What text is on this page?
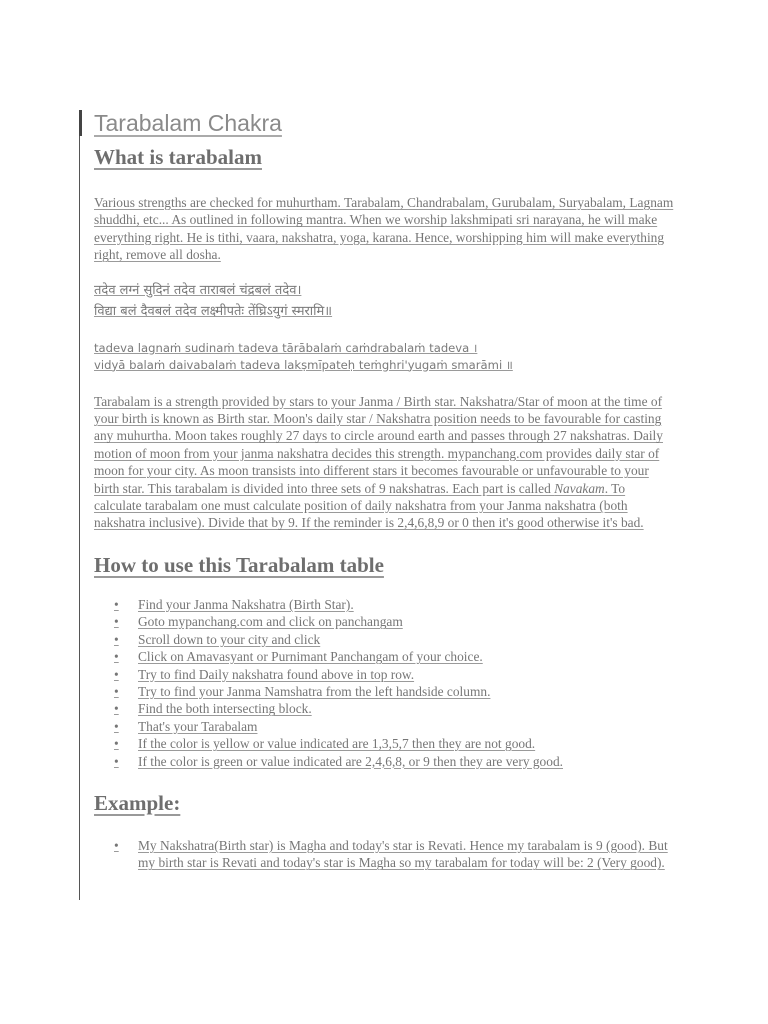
Tarabalam Chakra
What is tarabalam

Various strengths are checked for muhurtham. Tarabalam, Chandrabalam, Gurubalam, Suryabalam, Lagnam shuddhi, etc... As outlined in following mantra. When we worship lakshmipati sri narayana, he will make everything right. He is tithi, vaara, nakshatra, yoga, karana. Hence, worshipping him will make everything right, remove all dosha.

तदेव लग्नं सुदिनं तदेव ताराबलं चंद्रबलं तदेव।
विद्या बलं दैवबलं तदेव लक्ष्मीपतेः तेंघ्रिऽयुगं स्मरामि॥
tadeva lagnaṁ sudinaṁ tadeva tārābalaṁ caṁdrabalaṁ tadeva ।
vidyā balaṁ daivabalaṁ tadeva lakṣmīpateḥ teṁghri'yugaṁ smarāmi ॥

Tarabalam is a strength provided by stars to your Janma / Birth star. Nakshatra/Star of moon at the time of your birth is known as Birth star. Moon's daily star / Nakshatra position needs to be favourable for casting any muhurtha. Moon takes roughly 27 days to circle around earth and passes through 27 nakshatras. Daily motion of moon from your janma nakshatra decides this strength. mypanchang.com provides daily star of moon for your city. As moon transists into different stars it becomes favourable or unfavourable to your birth star. This tarabalam is divided into three sets of 9 nakshatras. Each part is called Navakam. To calculate tarabalam one must calculate position of daily nakshatra from your Janma nakshatra (both nakshatra inclusive). Divide that by 9. If the reminder is 2,4,6,8,9 or 0 then it's good otherwise it's bad.

How to use this Tarabalam table
• Find your Janma Nakshatra (Birth Star).
• Goto mypanchang.com and click on panchangam
• Scroll down to your city and click
• Click on Amavasyant or Purnimant Panchangam of your choice.
• Try to find Daily nakshatra found above in top row.
• Try to find your Janma Namshatra from the left handside column.
• Find the both intersecting block.
• That's your Tarabalam
• If the color is yellow or value indicated are 1,3,5,7 then they are not good.
• If the color is green or value indicated are 2,4,6,8, or 9 then they are very good.
Example:
• My Nakshatra(Birth star) is Magha and today's star is Revati. Hence my tarabalam is 9 (good). But my birth star is Revati and today's star is Magha so my tarabalam for today will be: 2 (Very good).
